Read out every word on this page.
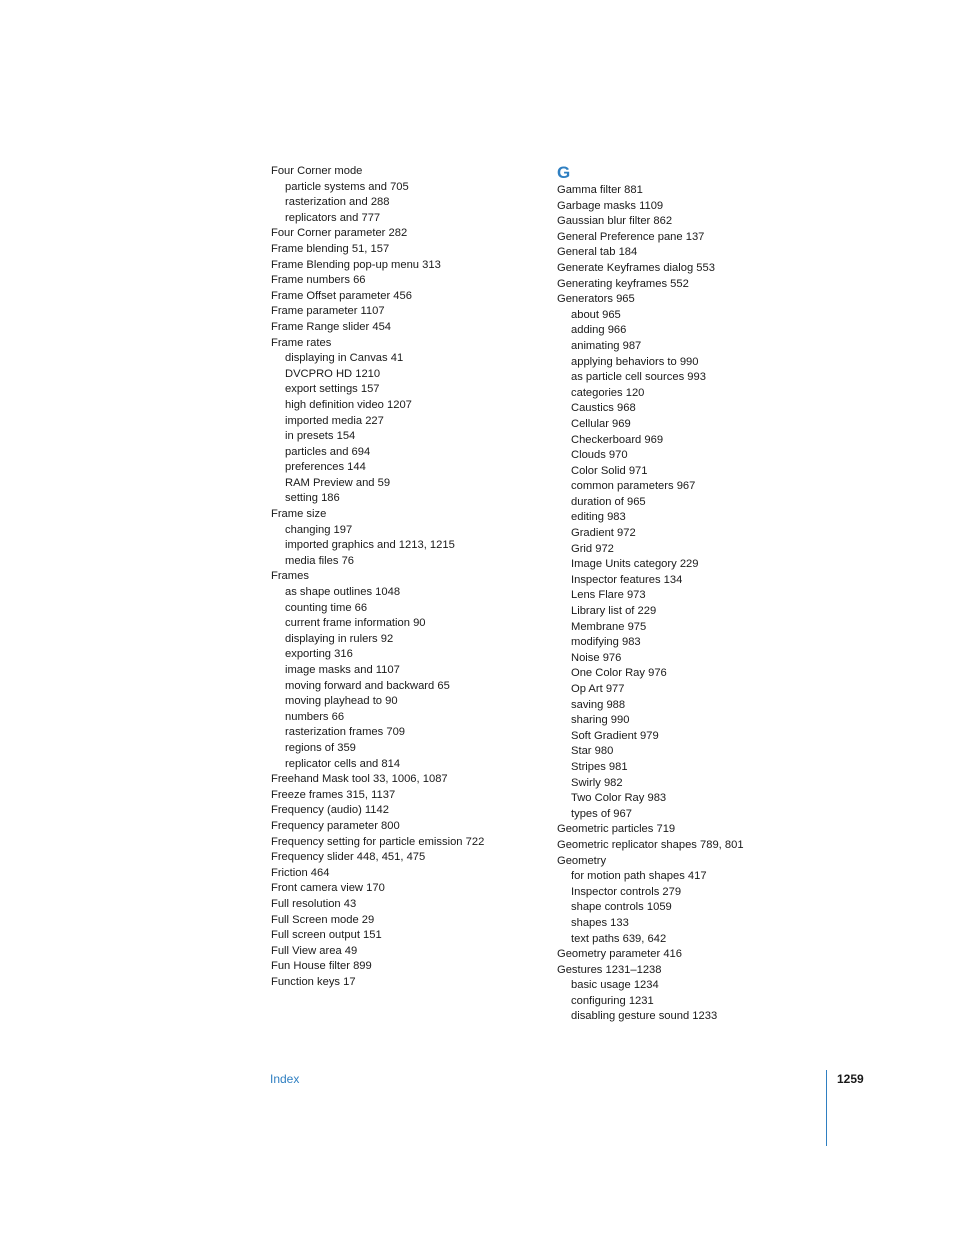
Four Corner mode
particle systems and 705
rasterization and 288
replicators and 777
Four Corner parameter 282
Frame blending 51, 157
Frame Blending pop-up menu 313
Frame numbers 66
Frame Offset parameter 456
Frame parameter 1107
Frame Range slider 454
Frame rates
displaying in Canvas 41
DVCPRO HD 1210
export settings 157
high definition video 1207
imported media 227
in presets 154
particles and 694
preferences 144
RAM Preview and 59
setting 186
Frame size
changing 197
imported graphics and 1213, 1215
media files 76
Frames
as shape outlines 1048
counting time 66
current frame information 90
displaying in rulers 92
exporting 316
image masks and 1107
moving forward and backward 65
moving playhead to 90
numbers 66
rasterization frames 709
regions of 359
replicator cells and 814
Freehand Mask tool 33, 1006, 1087
Freeze frames 315, 1137
Frequency (audio) 1142
Frequency parameter 800
Frequency setting for particle emission 722
Frequency slider 448, 451, 475
Friction 464
Front camera view 170
Full resolution 43
Full Screen mode 29
Full screen output 151
Full View area 49
Fun House filter 899
Function keys 17
G
Gamma filter 881
Garbage masks 1109
Gaussian blur filter 862
General Preference pane 137
General tab 184
Generate Keyframes dialog 553
Generating keyframes 552
Generators 965
about 965
adding 966
animating 987
applying behaviors to 990
as particle cell sources 993
categories 120
Caustics 968
Cellular 969
Checkerboard 969
Clouds 970
Color Solid 971
common parameters 967
duration of 965
editing 983
Gradient 972
Grid 972
Image Units category 229
Inspector features 134
Lens Flare 973
Library list of 229
Membrane 975
modifying 983
Noise 976
One Color Ray 976
Op Art 977
saving 988
sharing 990
Soft Gradient 979
Star 980
Stripes 981
Swirly 982
Two Color Ray 983
types of 967
Geometric particles 719
Geometric replicator shapes 789, 801
Geometry
for motion path shapes 417
Inspector controls 279
shape controls 1059
shapes 133
text paths 639, 642
Geometry parameter 416
Gestures 1231–1238
basic usage 1234
configuring 1231
disabling gesture sound 1233
Index	1259
